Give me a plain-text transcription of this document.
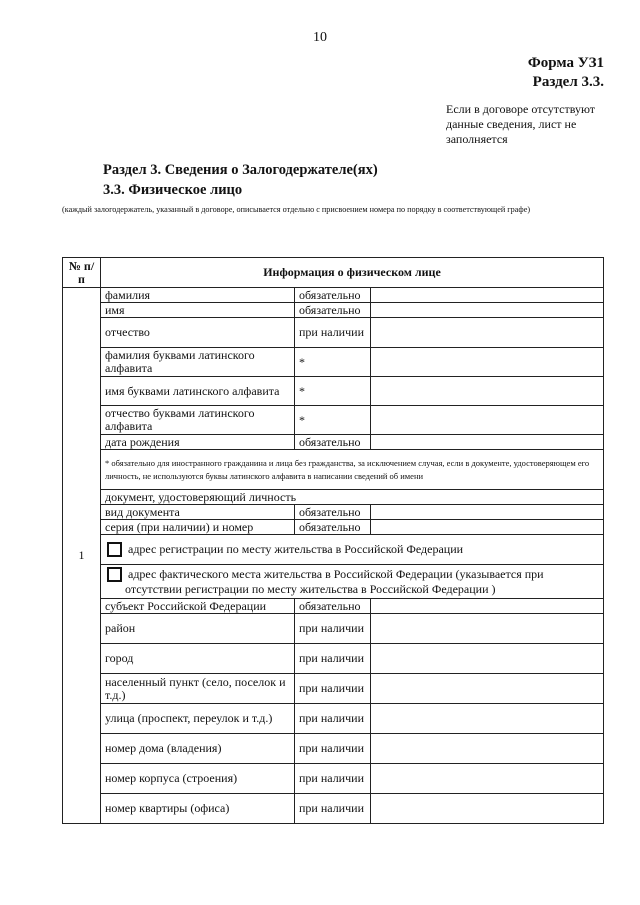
10
Форма УЗ1
Раздел 3.3.
Если в договоре отсутствуют данные сведения, лист не заполняется
Раздел 3. Сведения о Залогодержателе(ях)
3.3. Физическое лицо
(каждый залогодержатель, указанный в договоре, описывается отдельно с присвоением номера по порядку в соответствующей графе)
№ п/п	Информация о физическом лице		
1	фамилия	обязательно	
	имя	обязательно	
	отчество	при наличии	
	фамилия буквами латинского алфавита	*	
	имя буквами латинского алфавита	*	
	отчество буквами латинского алфавита	*	
	дата рождения	обязательно	
	* обязательно для иностранного гражданина и лица без гражданства, за исключением случая, если в документе, удостоверяющем его личность, не используются буквы латинского алфавита в написании сведений об имени		
	документ, удостоверяющий личность		
	вид документа	обязательно	
	серия (при наличии) и номер	обязательно	
	адрес регистрации по месту жительства в Российской Федерации		
	адрес фактического места жительства в Российской Федерации (указывается при отсутствии регистрации по месту жительства в Российской Федерации )		
	субъект Российской Федерации	обязательно	
	район	при наличии	
	город	при наличии	
	населенный пункт (село, поселок и т.д.)	при наличии	
	улица (проспект, переулок и т.д.)	при наличии	
	номер дома (владения)	при наличии	
	номер корпуса (строения)	при наличии	
	номер квартиры (офиса)	при наличии	
